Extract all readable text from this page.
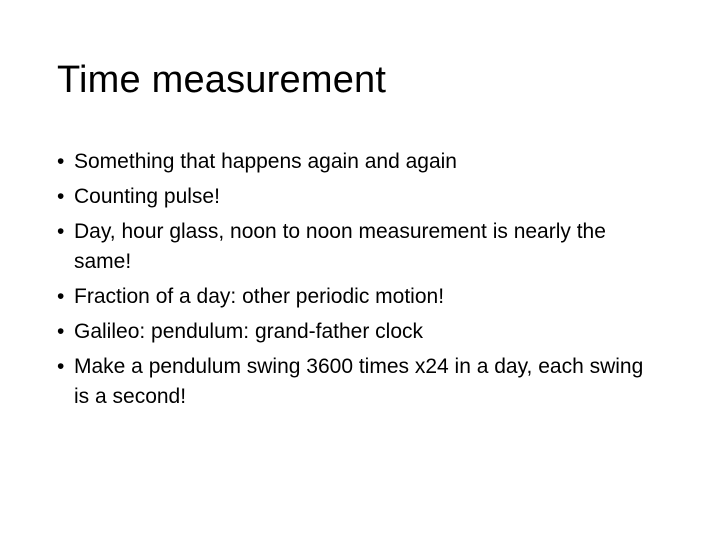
Time measurement
• Something that happens again and again
• Counting pulse!
• Day, hour glass, noon to noon measurement is nearly the same!
• Fraction of a day: other periodic motion!
• Galileo: pendulum: grand-father clock
• Make a pendulum swing 3600 times x24 in a day, each swing is a second!
